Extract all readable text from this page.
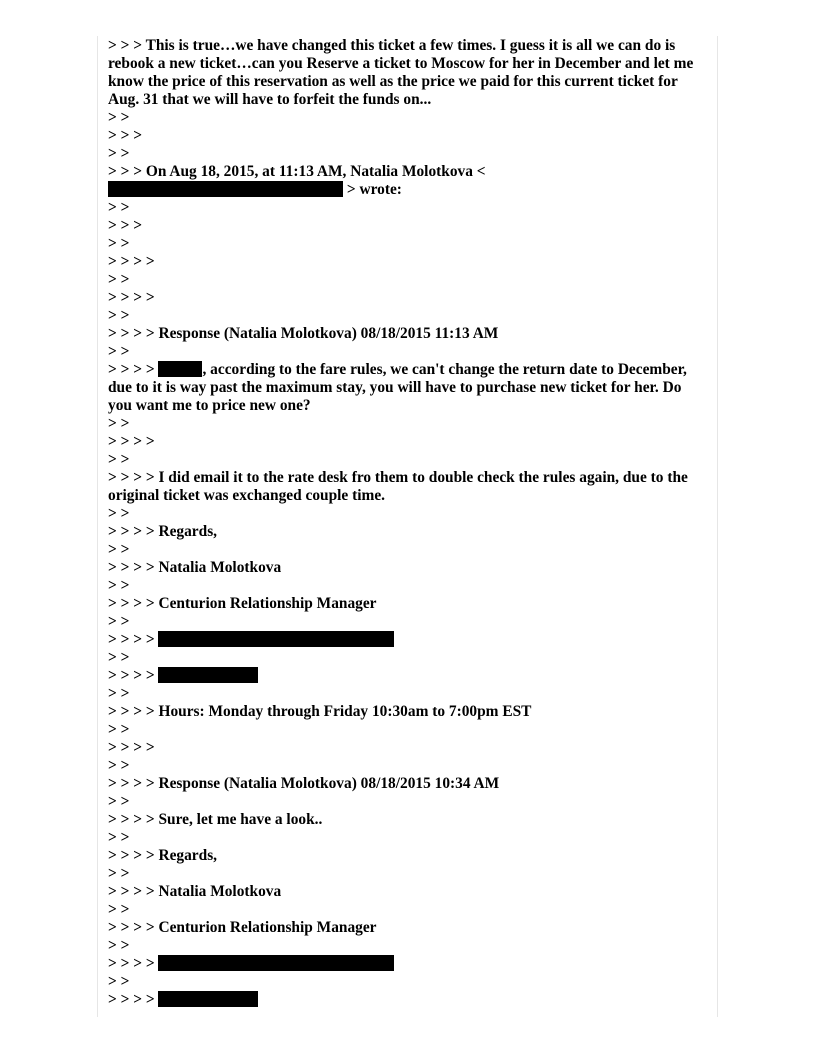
> > > This is true…we have changed this ticket a few times. I guess it is all we can do is rebook a new ticket…can you Reserve a ticket to Moscow for her in December and let me know the price of this reservation as well as the price we paid for this current ticket for Aug. 31 that we will have to forfeit the funds on...
> >
> > >
> >
> > > On Aug 18, 2015, at 11:13 AM, Natalia Molotkova <
> wrote:
> >
> > >
> >
> > > >
> >
> > > >
> >
> > > > Response (Natalia Molotkova) 08/18/2015 11:13 AM
> >
> > > >	, according to the fare rules, we can't change the return date to December, due to it is way past the maximum stay, you will have to purchase new ticket for her. Do you want me to price new one?
> >
> > > >
> >
> > > > I did email it to the rate desk fro them to double check the rules again, due to the original ticket was exchanged couple time.
> >
> > > > Regards,
> >
> > > > Natalia Molotkova
> >
> > > > Centurion Relationship Manager
> >
> > > >
> >
> > > >
> >
> > > > Hours: Monday through Friday 10:30am to 7:00pm EST
> >
> > > >
> >
> > > > Response (Natalia Molotkova) 08/18/2015 10:34 AM
> >
> > > > Sure, let me have a look..
> >
> > > > Regards,
> >
> > > > Natalia Molotkova
> >
> > > > Centurion Relationship Manager
> >
> > > >
> >
> > > >
